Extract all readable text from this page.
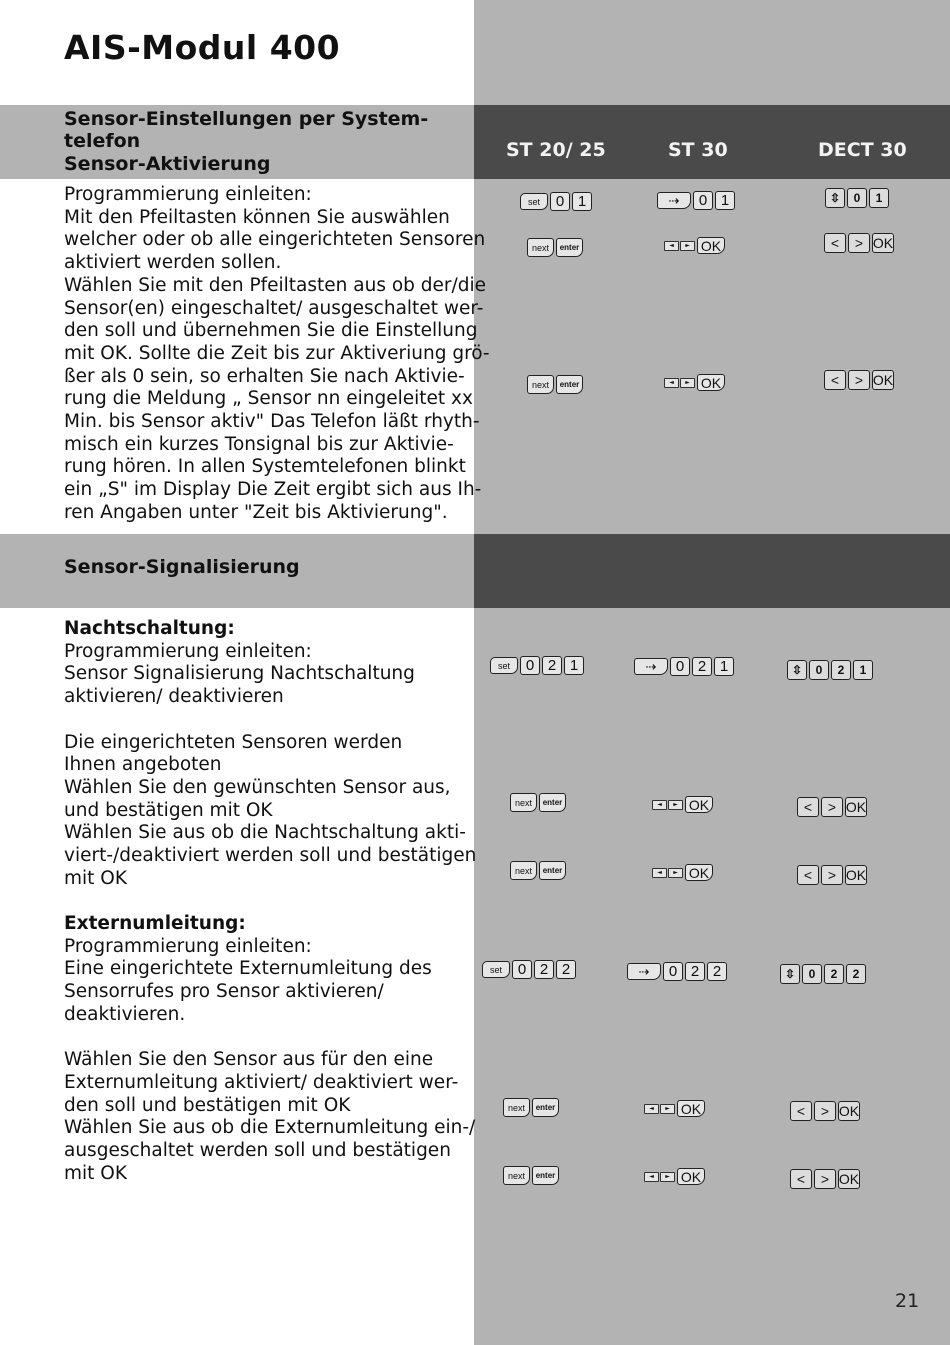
AIS-Modul 400
Sensor-Einstellungen per System-
telefon
Sensor-Aktivierung
ST 20/ 25	ST 30	DECT 30
Programmierung einleiten:
Mit den Pfeiltasten können Sie auswählen
welcher oder ob alle eingerichteten Sensoren
aktiviert werden sollen.
Wählen Sie mit den Pfeiltasten aus ob der/die
Sensor(en) eingeschaltet/ ausgeschaltet wer-
den soll und übernehmen Sie die Einstellung
mit OK. Sollte die Zeit bis zur Aktiveriung grö-
ßer als 0 sein, so erhalten Sie nach Aktivie-
rung die Meldung „ Sensor nn eingeleitet xx
Min. bis Sensor aktiv" Das Telefon läßt rhyth-
misch ein kurzes Tonsignal bis zur Aktivie-
rung hören. In allen Systemtelefonen blinkt
ein „S" im Display Die Zeit ergibt sich aus Ih-
ren Angaben unter "Zeit bis Aktivierung".
set	0 1	⇢	0 1	⇳	0	1
next	enter	◄	► OK	<	> OK
next	enter	◄	► OK	<	> OK
Sensor-Signalisierung
Nachtschaltung:
Programmierung einleiten:
Sensor Signalisierung Nachtschaltung
aktivieren/ deaktivieren
Die eingerichteten Sensoren werden
Ihnen angeboten
Wählen Sie den gewünschten Sensor aus,
und bestätigen mit OK
Wählen Sie aus ob die Nachtschaltung akti-
viert-/deaktiviert werden soll und bestätigen
mit OK
Externumleitung:
Programmierung einleiten:
Eine eingerichtete Externumleitung des
Sensorrufes pro Sensor aktivieren/
deaktivieren.
Wählen Sie den Sensor aus für den eine
Externumleitung aktiviert/ deaktiviert wer-
den soll und bestätigen mit OK
Wählen Sie aus ob die Externumleitung ein-/
ausgeschaltet werden soll und bestätigen
mit OK
set	0 2 1	⇢	0 2 1	⇳	0	2	1
next	enter	◄	► OK	<	> OK
next	enter	◄	► OK	<	> OK
set	0 2 2	⇢	0 2 2	⇳	0	2	2
next	enter	◄	► OK	<	> OK
next	enter	◄	► OK	<	> OK
21
